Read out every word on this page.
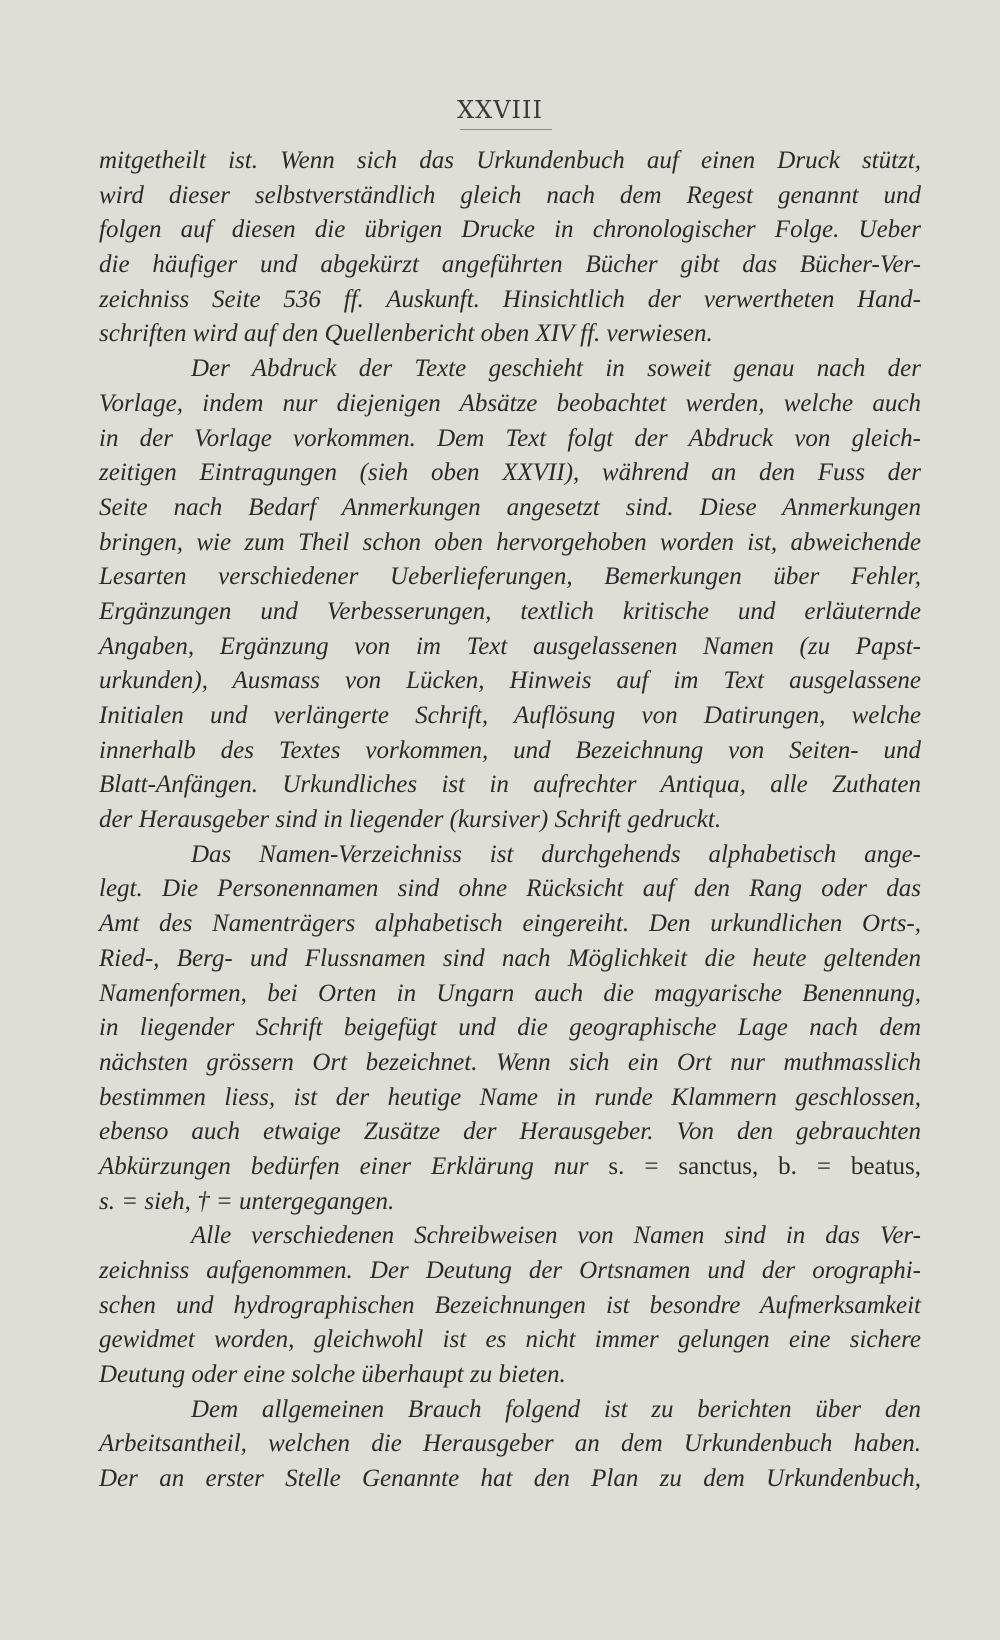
XXVIII
mitgetheilt ist. Wenn sich das Urkundenbuch auf einen Druck stützt,
wird dieser selbstverständlich gleich nach dem Regest genannt und
folgen auf diesen die übrigen Drucke in chronologischer Folge. Ueber
die häufiger und abgekürzt angeführten Bücher gibt das Bücher-Ver-
zeichniss Seite 536 ff. Auskunft. Hinsichtlich der verwertheten Hand-
schriften wird auf den Quellenbericht oben XIV ff. verwiesen.
Der Abdruck der Texte geschieht in soweit genau nach der
Vorlage, indem nur diejenigen Absätze beobachtet werden, welche auch
in der Vorlage vorkommen. Dem Text folgt der Abdruck von gleich-
zeitigen Eintragungen (sieh oben XXVII), während an den Fuss der
Seite nach Bedarf Anmerkungen angesetzt sind. Diese Anmerkungen
bringen, wie zum Theil schon oben hervorgehoben worden ist, abweichende
Lesarten verschiedener Ueberlieferungen, Bemerkungen über Fehler,
Ergänzungen und Verbesserungen, textlich kritische und erläuternde
Angaben, Ergänzung von im Text ausgelassenen Namen (zu Papst-
urkunden), Ausmass von Lücken, Hinweis auf im Text ausgelassene
Initialen und verlängerte Schrift, Auflösung von Datirungen, welche
innerhalb des Textes vorkommen, und Bezeichnung von Seiten- und
Blatt-Anfängen. Urkundliches ist in aufrechter Antiqua, alle Zuthaten
der Herausgeber sind in liegender (kursiver) Schrift gedruckt.
Das Namen-Verzeichniss ist durchgehends alphabetisch ange-
legt. Die Personennamen sind ohne Rücksicht auf den Rang oder das
Amt des Namenträgers alphabetisch eingereiht. Den urkundlichen Orts-,
Ried-, Berg- und Flussnamen sind nach Möglichkeit die heute geltenden
Namenformen, bei Orten in Ungarn auch die magyarische Benennung,
in liegender Schrift beigefügt und die geographische Lage nach dem
nächsten grössern Ort bezeichnet. Wenn sich ein Ort nur muthmasslich
bestimmen liess, ist der heutige Name in runde Klammern geschlossen,
ebenso auch etwaige Zusätze der Herausgeber. Von den gebrauchten
Abkürzungen bedürfen einer Erklärung nur s. = sanctus, b. = beatus,
s. = sieh, † = untergegangen.
Alle verschiedenen Schreibweisen von Namen sind in das Ver-
zeichniss aufgenommen. Der Deutung der Ortsnamen und der orographi-
schen und hydrographischen Bezeichnungen ist besondre Aufmerksamkeit
gewidmet worden, gleichwohl ist es nicht immer gelungen eine sichere
Deutung oder eine solche überhaupt zu bieten.
Dem allgemeinen Brauch folgend ist zu berichten über den
Arbeitsantheil, welchen die Herausgeber an dem Urkundenbuch haben.
Der an erster Stelle Genannte hat den Plan zu dem Urkundenbuch,
